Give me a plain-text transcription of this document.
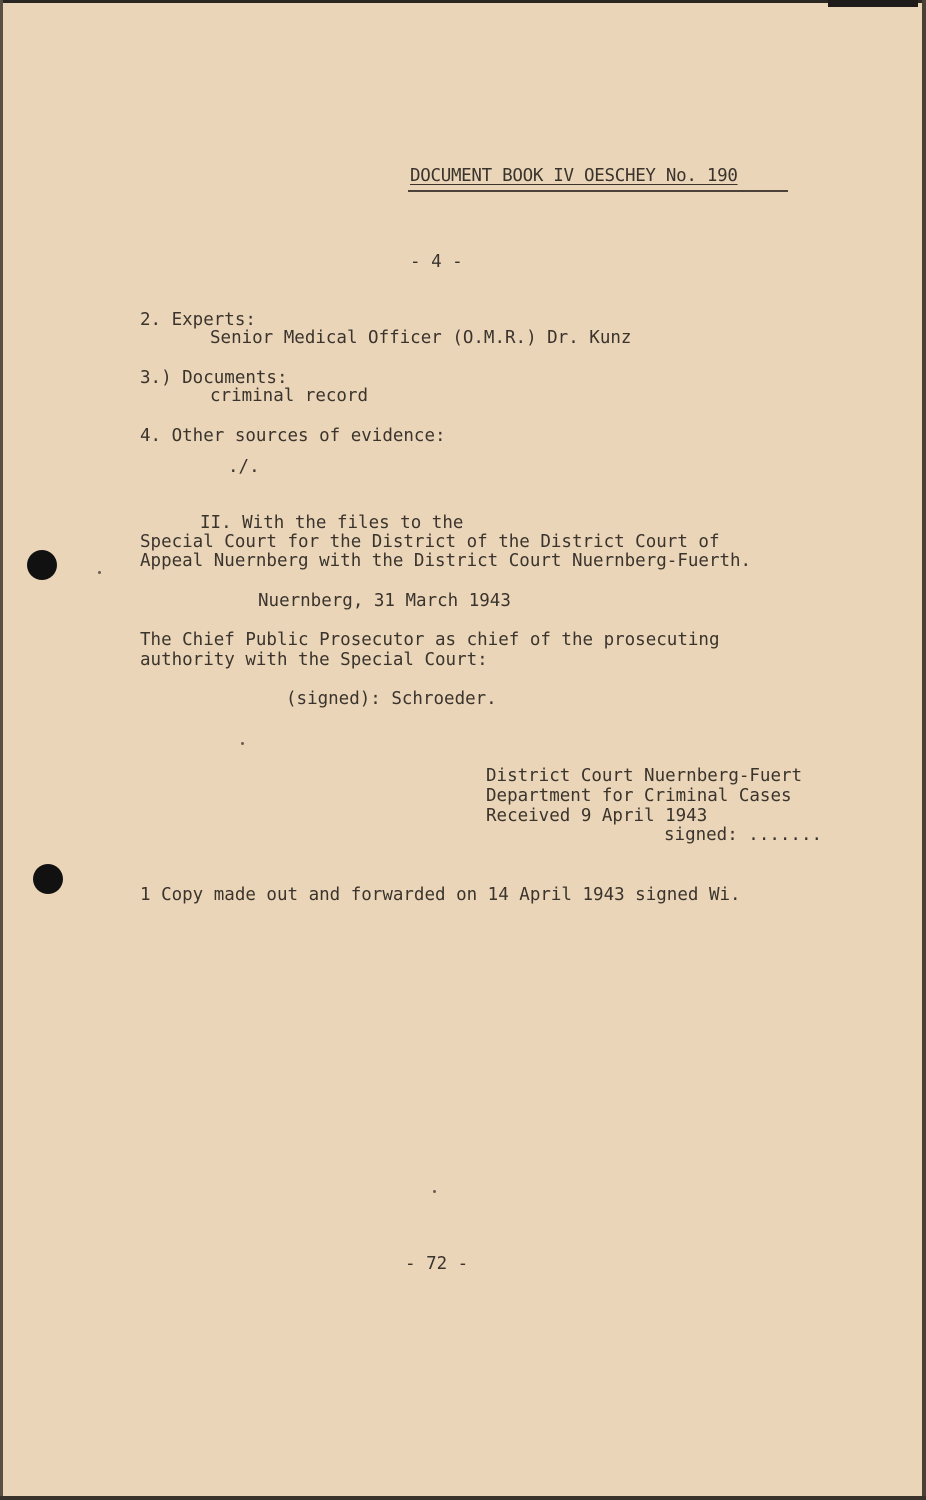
DOCUMENT BOOK IV OESCHEY No. 190

- 4 -

2. Experts:

Senior Medical Officer (O.M.R.) Dr. Kunz

3.) Documents:

criminal record

4. Other sources of evidence:

./.

II. With the files to the

Special Court for the District of the District Court of

Appeal Nuernberg with the District Court Nuernberg-Fuerth.

Nuernberg, 31 March 1943

The Chief Public Prosecutor as chief of the prosecuting

authority with the Special Court:

(signed): Schroeder.

District Court Nuernberg-Fuert

Department for Criminal Cases

Received 9 April 1943

signed: .......

1 Copy made out and forwarded on 14 April 1943 signed Wi.

- 72 -
